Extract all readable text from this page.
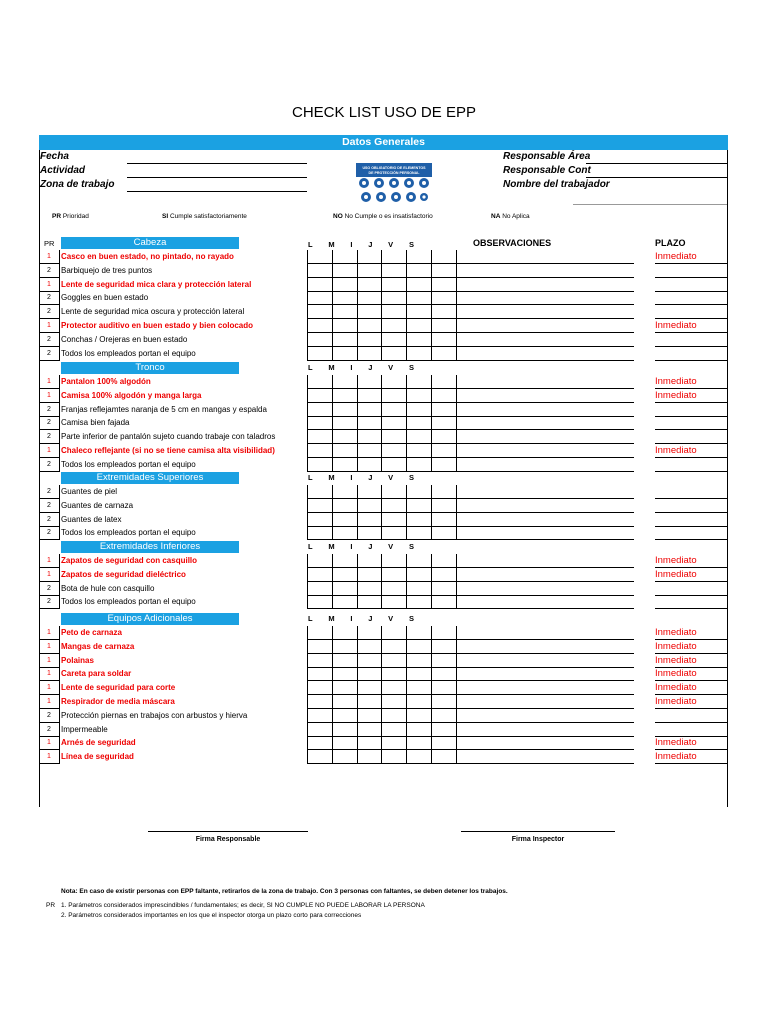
CHECK LIST USO DE EPP
Datos Generales
Fecha
Actividad
Zona de trabajo
Responsable Área
Responsable Cont
Nombre del trabajador
USO OBLIGATORIO DE ELEMENTOS
DE PROTECCIÓN PERSONAL
PR Prioridad	SI Cumple satisfactoriamente	NO No Cumple o es insatisfactorio	NA No Aplica
PR	OBSERVACIONES	PLAZO
Cabeza
1	Casco en buen estado, no pintado, no rayado	Inmediato
2	Barbiquejo de tres puntos
1	Lente de seguridad mica clara y protección lateral
2	Goggles en buen estado
2	Lente de seguridad mica oscura y protección lateral
1	Protector auditivo en buen estado y bien colocado	Inmediato
2	Conchas / Orejeras en buen estado
2	Todos los empleados portan el equipo
Tronco	L M I J V S
1	Pantalon 100% algodón	Inmediato
1	Camisa 100% algodón y manga larga	Inmediato
2	Franjas reflejamtes naranja de 5 cm en mangas y espalda
2	Camisa bien fajada
2	Parte inferior de pantalón sujeto cuando trabaje con taladros
1	Chaleco reflejante (si no se tiene camisa alta visibilidad)	Inmediato
2	Todos los empleados portan el equipo
Extremidades Superiores	L M I J V S
2	Guantes de piel
2	Guantes de carnaza
2	Guantes de latex
2	Todos los empleados portan el equipo
Extremidades Inferiores	L M I J V S
1	Zapatos de seguridad con casquillo	Inmediato
1	Zapatos de seguridad dieléctrico	Inmediato
2	Bota de hule con casquillo
2	Todos los empleados portan el equipo
Equipos Adicionales	L M I J V S
1	Peto de carnaza	Inmediato
1	Mangas de carnaza	Inmediato
1	Polainas	Inmediato
1	Careta para soldar	Inmediato
1	Lente de seguridad para corte	Inmediato
1	Respirador de media máscara	Inmediato
2	Protección piernas en trabajos con arbustos y hierva
2	Impermeable
1	Arnés de seguridad	Inmediato
1	Línea de seguridad	Inmediato
L M I J V S
Firma Responsable	Firma Inspector
Nota: En caso de existir personas con EPP faltante, retirarlos de la zona de trabajo. Con 3 personas con faltantes, se deben detener los trabajos.
PR 1. Parámetros considerados imprescindibles / fundamentales; es decir, SI NO CUMPLE NO PUEDE LABORAR LA PERSONA
2. Parámetros considerados importantes en los que el inspector otorga un plazo corto para correcciones
